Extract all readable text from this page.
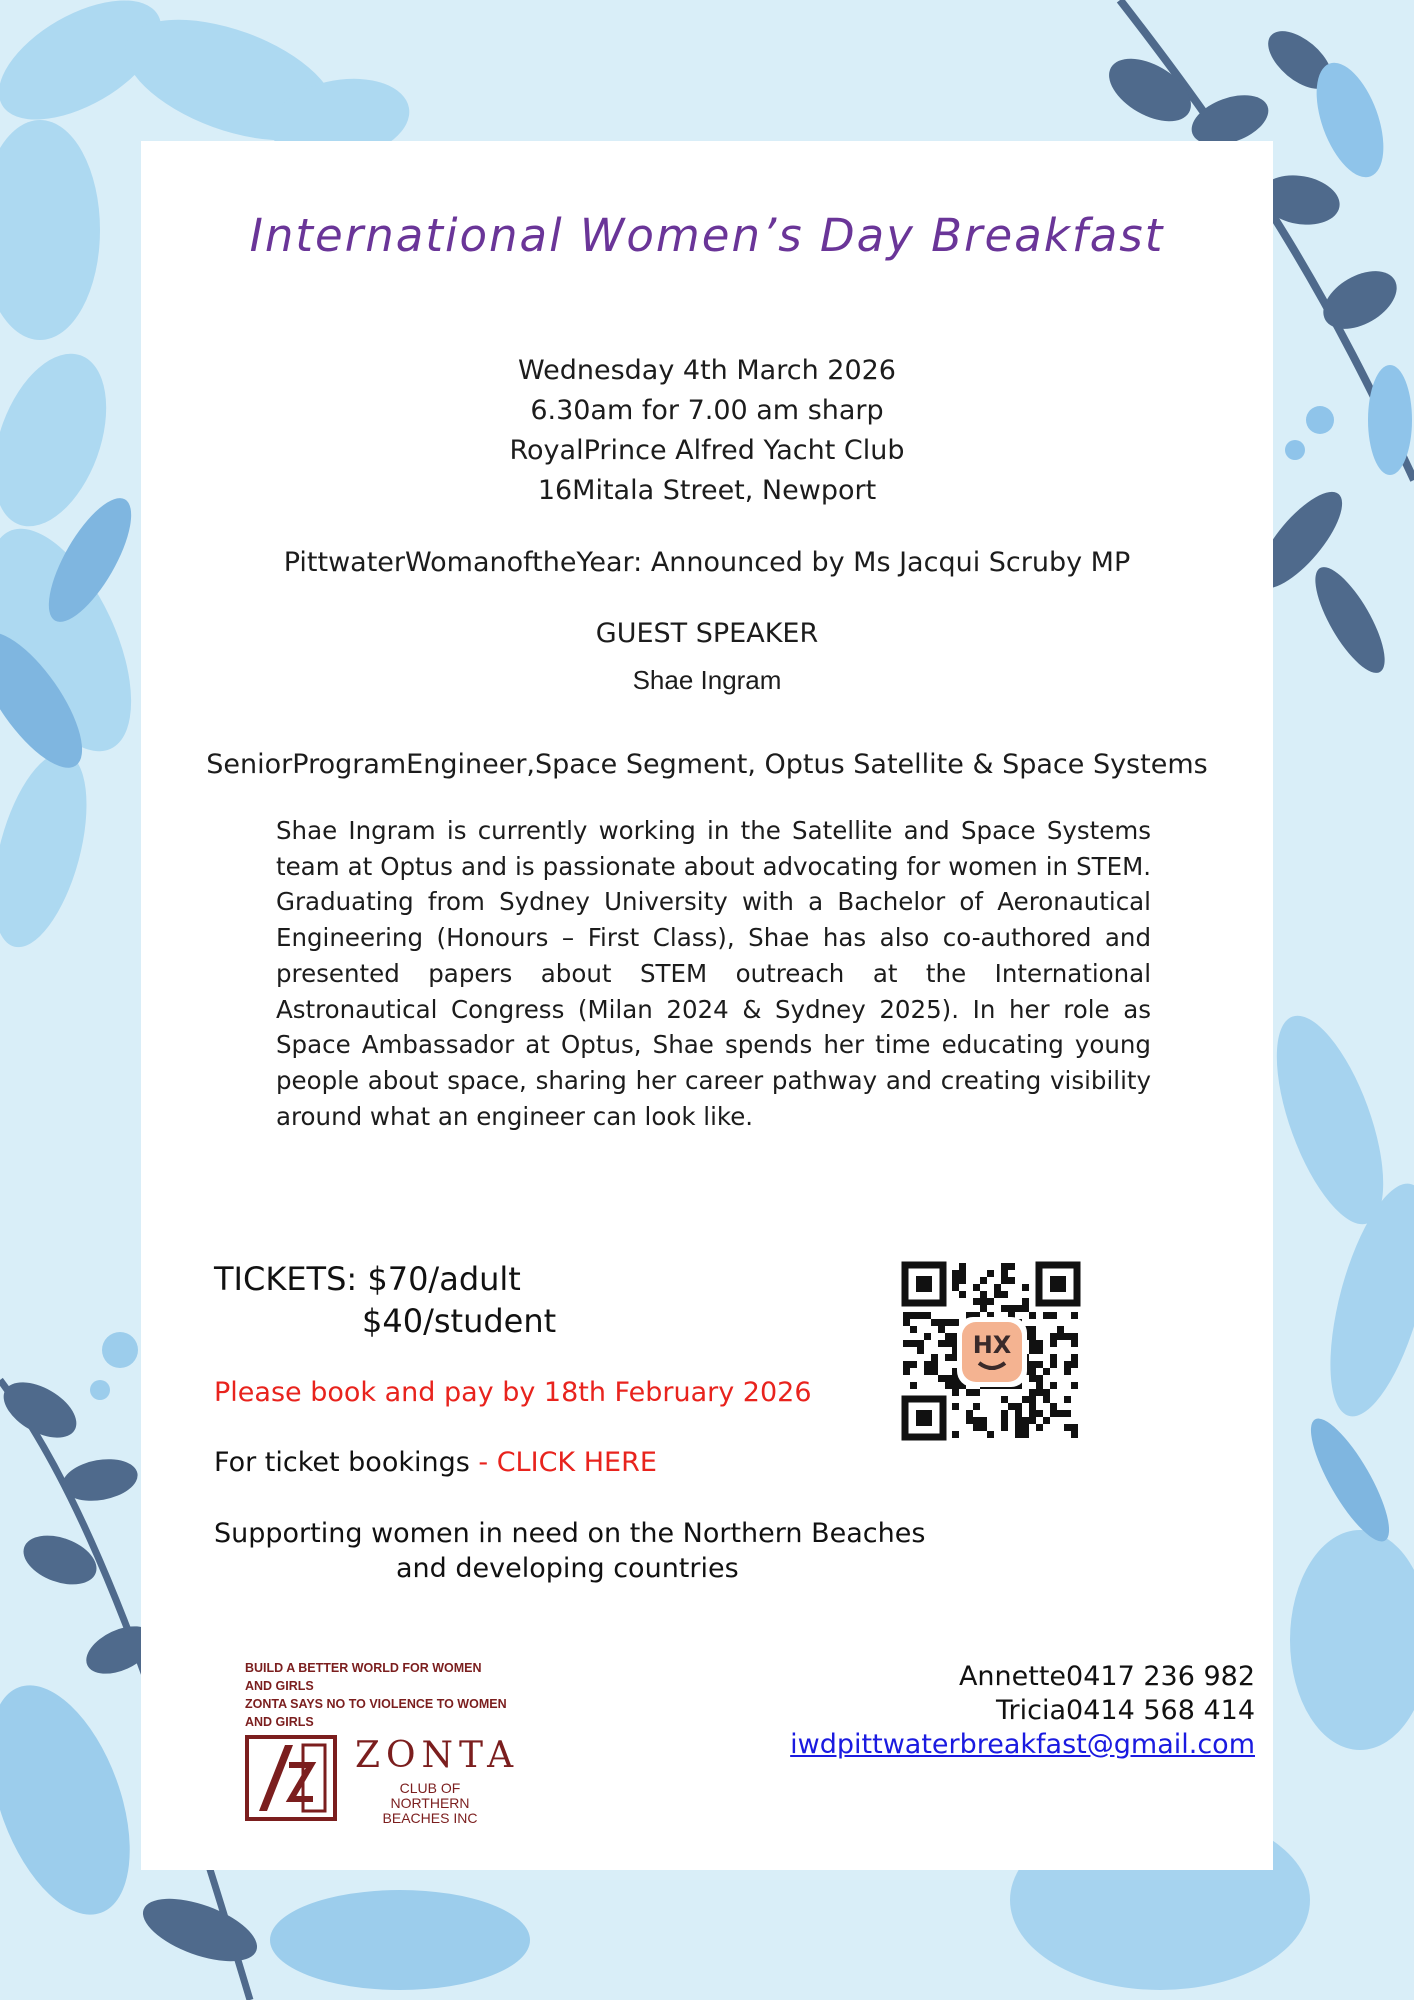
International Women’s Day Breakfast
Wednesday 4th March 2026
6.30am for 7.00 am sharp
RoyalPrince Alfred Yacht Club
16Mitala Street, Newport
PittwaterWomanoftheYear: Announced by Ms Jacqui Scruby MP
GUEST SPEAKER
Shae Ingram
SeniorProgramEngineer,Space Segment, Optus Satellite & Space Systems
Shae Ingram is currently working in the Satellite and Space Systems team at Optus and is passionate about advocating for women in STEM. Graduating from Sydney University with a Bachelor of Aeronautical Engineering (Honours – First Class), Shae has also co-authored and presented papers about STEM outreach at the International Astronautical Congress (Milan 2024 & Sydney 2025). In her role as Space Ambassador at Optus, Shae spends her time educating young people about space, sharing her career pathway and creating visibility around what an engineer can look like.
TICKETS: $70/adult
$40/student
Please book and pay by 18th February 2026
For ticket bookings - CLICK HERE
Supporting women in need on the Northern Beaches
and developing countries
HX
Annette0417 236 982
Tricia0414 568 414
iwdpittwaterbreakfast@gmail.com
BUILD A BETTER WORLD FOR WOMEN
AND GIRLS
ZONTA SAYS NO TO VIOLENCE TO WOMEN
AND GIRLS
ZONTA
CLUB OF
NORTHERN
BEACHES INC
